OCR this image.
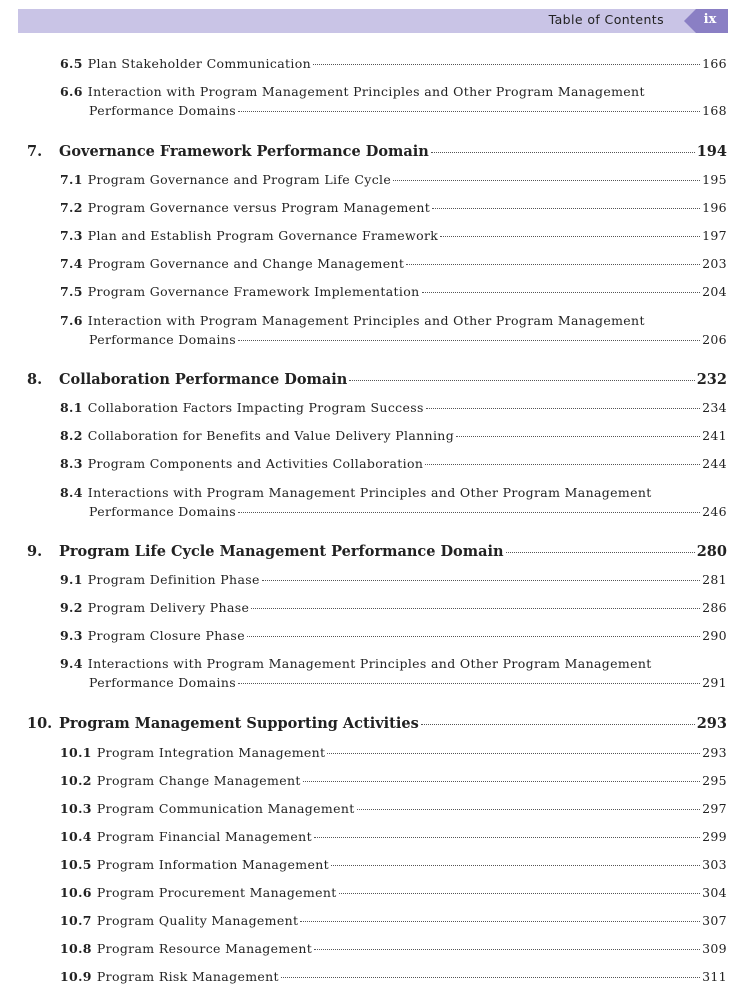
Table of Contents	ix
6.5 Plan Stakeholder Communication	166
6.6 Interaction with Program Management Principles and Other Program Management
Performance Domains	168
7.	Governance Framework Performance Domain	194
7.1 Program Governance and Program Life Cycle	195
7.2 Program Governance versus Program Management	196
7.3 Plan and Establish Program Governance Framework	197
7.4 Program Governance and Change Management	203
7.5 Program Governance Framework Implementation	204
7.6 Interaction with Program Management Principles and Other Program Management
Performance Domains	206
8.	Collaboration Performance Domain	232
8.1 Collaboration Factors Impacting Program Success	234
8.2 Collaboration for Benefits and Value Delivery Planning	241
8.3 Program Components and Activities Collaboration	244
8.4 Interactions with Program Management Principles and Other Program Management
Performance Domains	246
9.	Program Life Cycle Management Performance Domain	280
9.1 Program Definition Phase	281
9.2 Program Delivery Phase	286
9.3 Program Closure Phase	290
9.4 Interactions with Program Management Principles and Other Program Management
Performance Domains	291
10. Program Management Supporting Activities	293
10.1 Program Integration Management	293
10.2 Program Change Management	295
10.3 Program Communication Management	297
10.4 Program Financial Management	299
10.5 Program Information Management	303
10.6 Program Procurement Management	304
10.7 Program Quality Management	307
10.8 Program Resource Management	309
10.9 Program Risk Management	311
